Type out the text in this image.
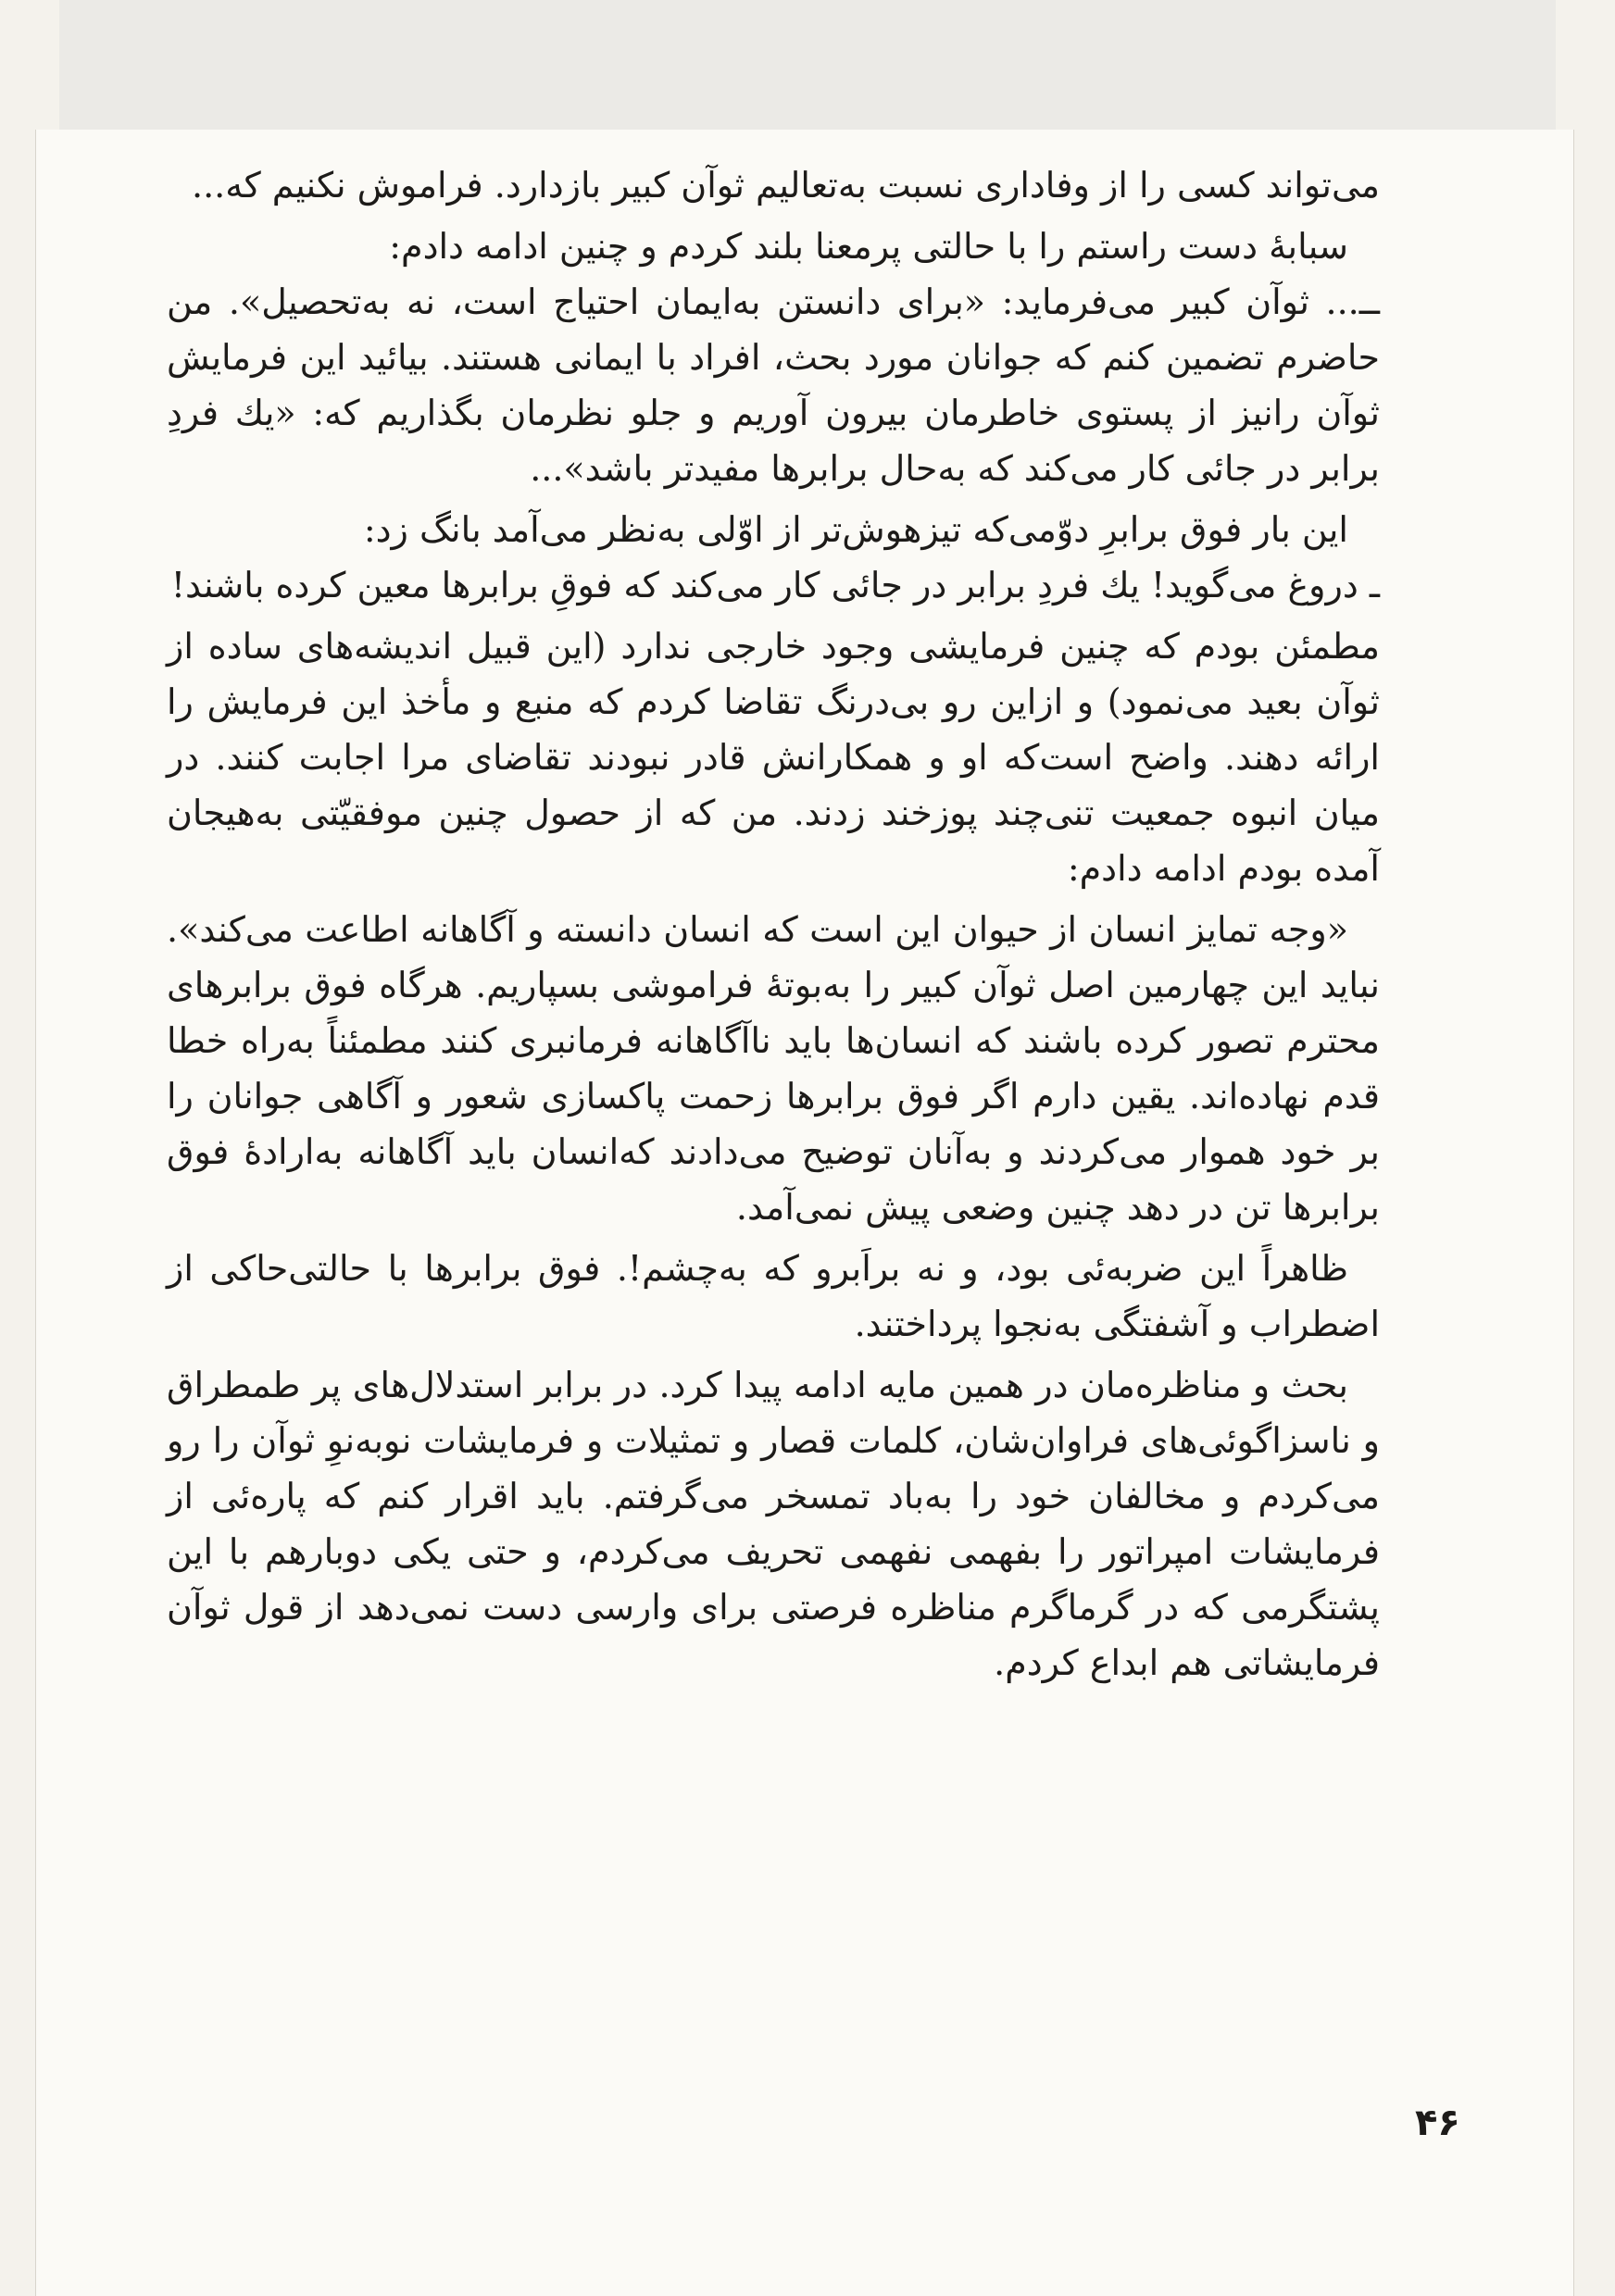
می‌تواند کسی را از وفاداری نسبت به‌تعالیم ثوآن کبیر بازدارد. فراموش نکنیم که...

سبابهٔ دست راستم را با حالتی پرمعنا بلند کردم و چنین ادامه دادم:

ــ... ثوآن کبیر می‌فرماید: «برای دانستن به‌ایمان احتیاج است، نه به‌تحصیل». من حاضرم تضمین کنم که جوانان مورد بحث، افراد با ایمانی هستند. بیائید این فرمایش ثوآن رانیز از پستوی خاطرمان بیرون آوریم و جلو نظرمان بگذاریم که: «یك فردِ برابر در جائی کار می‌کند که به‌حال برابرها مفیدتر باشد»...

این بار فوق برابرِ دوّمی‌که تیزهوش‌تر از اوّلی به‌نظر می‌آمد بانگ زد:

ـ دروغ می‌گوید! یك فردِ برابر در جائی کار می‌کند که فوقِ برابرها معین کرده باشند!

مطمئن بودم که چنین فرمایشی وجود خارجی ندارد (این قبیل اندیشه‌های ساده از ثوآن بعید می‌نمود) و ازاین رو بی‌درنگ تقاضا کردم که منبع و مأخذ این فرمایش را ارائه دهند. واضح است‌که او و همکارانش قادر نبودند تقاضای مرا اجابت کنند. در میان انبوه جمعیت تنی‌چند پوزخند زدند. من که از حصول چنین موفقیّتی به‌هیجان آمده بودم ادامه دادم:

«وجه تمایز انسان از حیوان این است که انسان دانسته و آگاهانه اطاعت می‌کند». نباید این چهارمین اصل ثوآن کبیر را به‌بوتهٔ فراموشی بسپاریم. هرگاه فوق برابرهای محترم تصور کرده باشند که انسان‌ها باید ناآگاهانه فرمانبری کنند مطمئناً به‌راه خطا قدم نهاده‌اند. یقین دارم اگر فوق برابرها زحمت پاکسازی شعور و آگاهی جوانان را بر خود هموار می‌کردند و به‌آنان توضیح می‌دادند که‌انسان باید آگاهانه به‌ارادهٔ فوق برابرها تن در دهد چنین وضعی پیش نمی‌آمد.

ظاهراً این ضربه‌ئی بود، و نه براَبرو که به‌چشم!. فوق برابرها با حالتی‌حاکی از اضطراب و آشفتگی به‌نجوا پرداختند.

بحث و مناظره‌مان در همین مایه ادامه پیدا کرد. در برابر استدلال‌های پر طمطراق و ناسزاگوئی‌های فراوان‌شان، کلمات قصار و تمثیلات و فرمایشات نوبه‌نوِ ثوآن را رو می‌کردم و مخالفان خود را به‌باد تمسخر می‌گرفتم. باید اقرار کنم که پاره‌ئی از فرمایشات امپراتور را بفهمی نفهمی تحریف می‌کردم، و حتی یکی دوبارهم با این پشتگرمی که در گرماگرم مناظره فرصتی برای وارسی دست نمی‌دهد از قول ثوآن فرمایشاتی هم ابداع کردم.

۴۶
